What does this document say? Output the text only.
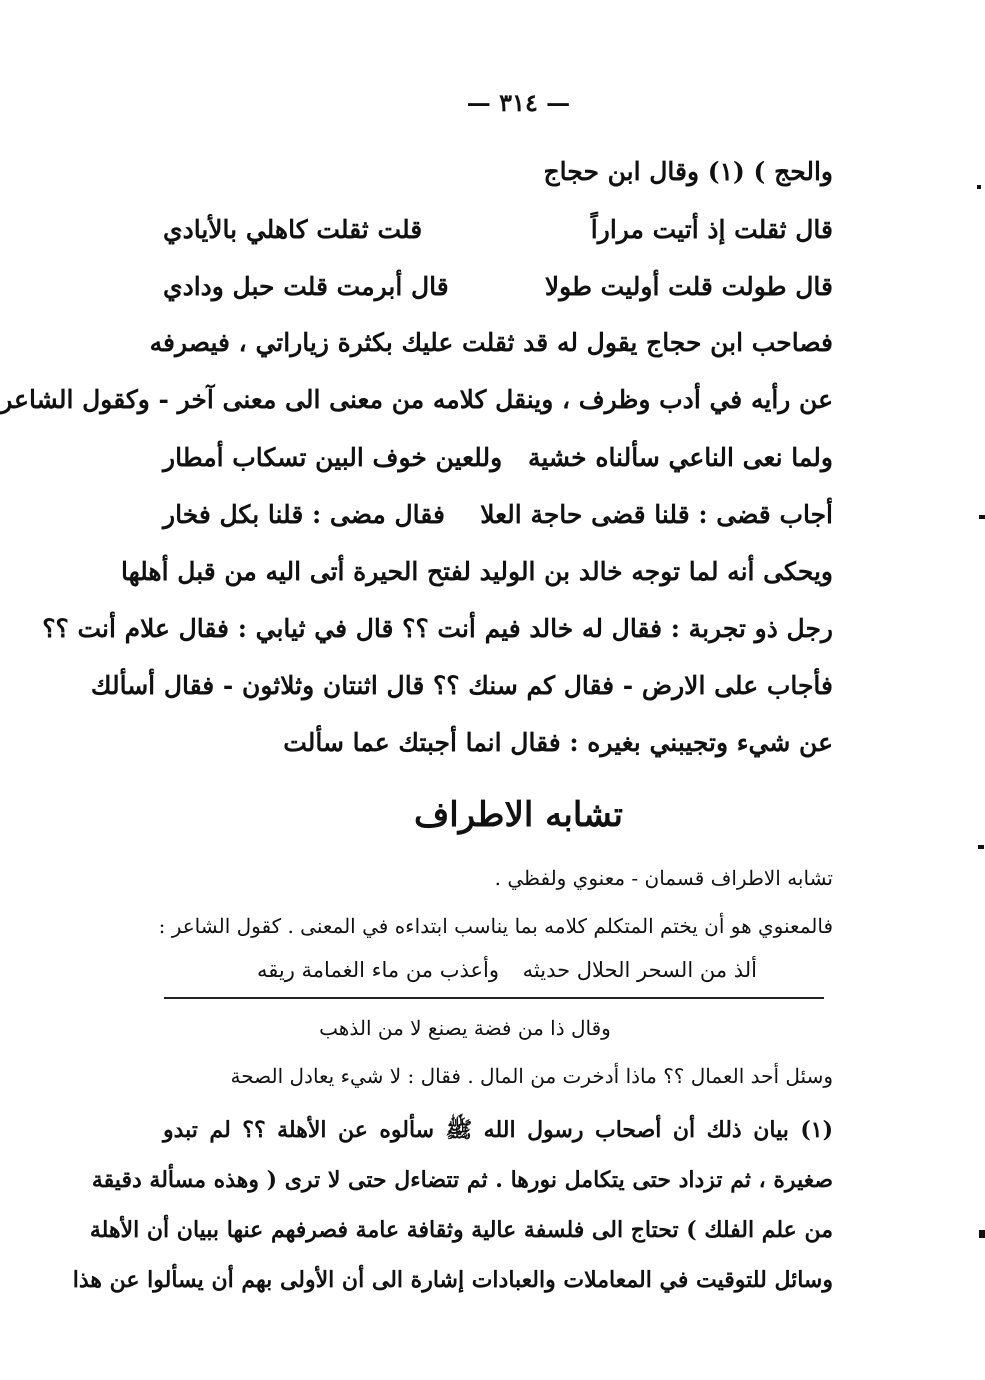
— ٣١٤ —
والحج ) (١) وقال ابن حجاج
قال ثقلت إذ أتيت مراراً
قلت ثقلت كاهلي بالأيادي
قال طولت قلت أوليت طولا
قال أبرمت قلت حبل ودادي
فصاحب ابن حجاج يقول له قد ثقلت عليك بكثرة زياراتي ، فيصرفه
عن رأيه في أدب وظرف ، وينقل كلامه من معنى الى معنى آخر - وكقول الشاعر
ولما نعى الناعي سألناه خشية
وللعين خوف البين تسكاب أمطار
أجاب قضى : قلنا قضى حاجة العلا
فقال مضى : قلنا بكل فخار
ويحكى أنه لما توجه خالد بن الوليد لفتح الحيرة أتى اليه من قبل أهلها
رجل ذو تجربة : فقال له خالد فيم أنت ؟؟ قال في ثيابي : فقال علام أنت ؟؟
فأجاب على الارض - فقال كم سنك ؟؟ قال اثنتان وثلاثون - فقال أسألك
عن شيء وتجيبني بغيره : فقال انما أجبتك عما سألت
تشابه الاطراف
تشابه الاطراف قسمان - معنوي ولفظي .
فالمعنوي هو أن يختم المتكلم كلامه بما يناسب ابتداءه في المعنى . كقول الشاعر :
ألذ من السحر الحلال حديثه
وأعذب من ماء الغمامة ريقه
وقال ذا من فضة يصنع لا من الذهب
وسئل أحد العمال ؟؟ ماذا أدخرت من المال . فقال : لا شيء يعادل الصحة
(١) بيان ذلك أن أصحاب رسول الله ﷺ سألوه عن الأهلة ؟؟ لم تبدو
صغيرة ، ثم تزداد حتى يتكامل نورها . ثم تتضاءل حتى لا ترى ( وهذه مسألة دقيقة
من علم الفلك ) تحتاج الى فلسفة عالية وثقافة عامة فصرفهم عنها ببيان أن الأهلة
وسائل للتوقيت في المعاملات والعبادات إشارة الى أن الأولى بهم أن يسألوا عن هذا
